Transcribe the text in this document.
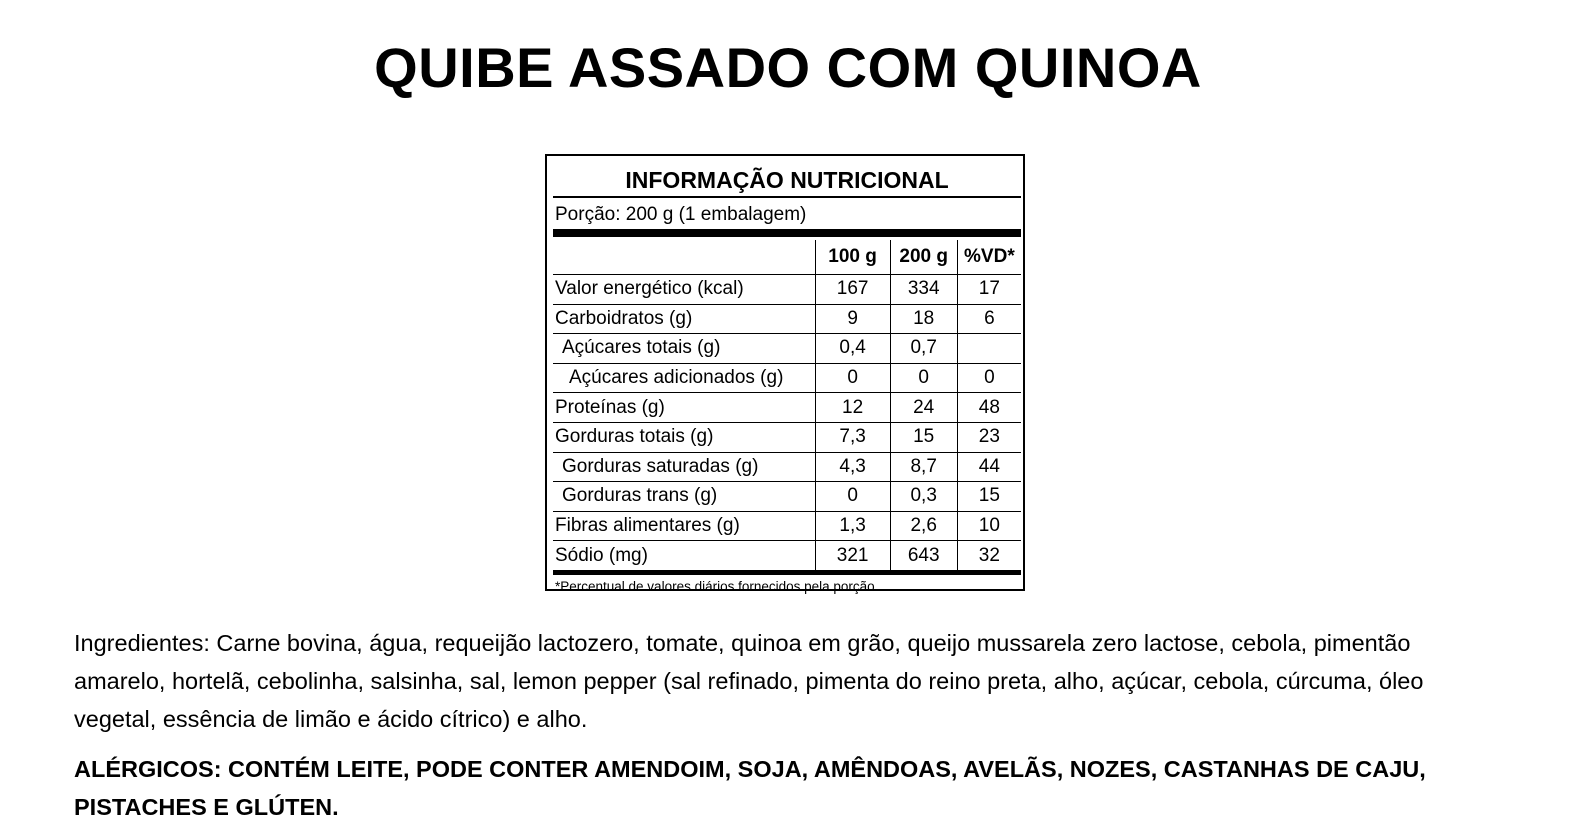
QUIBE ASSADO COM QUINOA
INFORMAÇÃO NUTRICIONAL
Porção: 200 g (1 embalagem)
	100 g	200 g	%VD*
Valor energético (kcal)	167	334	17
Carboidratos (g)	9	18	6
Açúcares totais (g)	0,4	0,7	
Açúcares adicionados (g)	0	0	0
Proteínas (g)	12	24	48
Gorduras totais (g)	7,3	15	23
Gorduras saturadas (g)	4,3	8,7	44
Gorduras trans (g)	0	0,3	15
Fibras alimentares (g)	1,3	2,6	10
Sódio (mg)	321	643	32
*Percentual de valores diários fornecidos pela porção.
Ingredientes: Carne bovina, água, requeijão lactozero, tomate, quinoa em grão, queijo mussarela zero lactose, cebola, pimentão amarelo, hortelã, cebolinha, salsinha, sal, lemon pepper (sal refinado, pimenta do reino preta, alho, açúcar, cebola, cúrcuma, óleo vegetal, essência de limão e ácido cítrico) e alho.
ALÉRGICOS: CONTÉM LEITE, PODE CONTER AMENDOIM, SOJA, AMÊNDOAS, AVELÃS, NOZES, CASTANHAS DE CAJU, PISTACHES E GLÚTEN.
